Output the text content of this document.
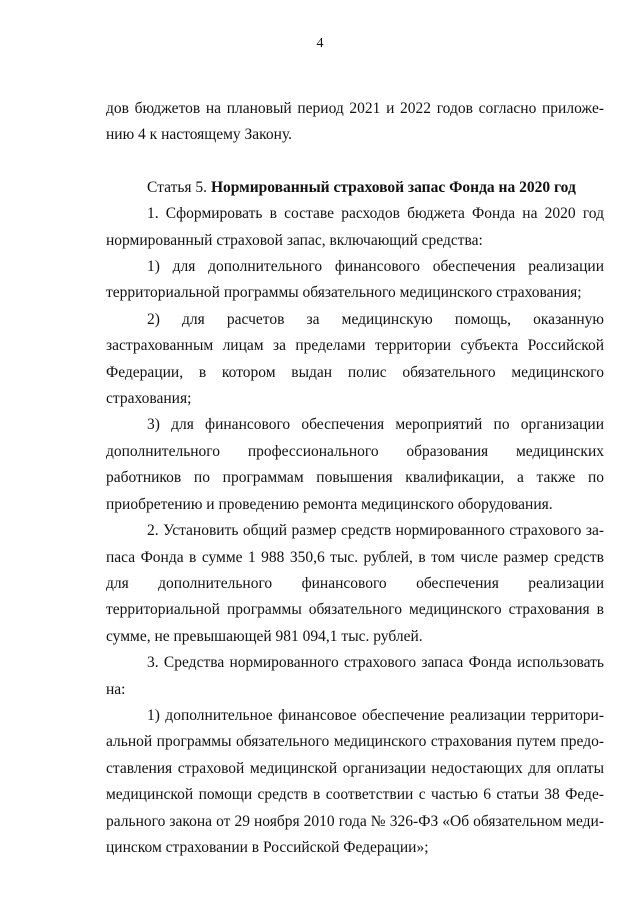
4

дов бюджетов на плановый период 2021 и 2022 годов согласно приложению 4 к настоящему Закону.

Статья 5. Нормированный страховой запас Фонда на 2020 год

1. Сформировать в составе расходов бюджета Фонда на 2020 год нормированный страховой запас, включающий средства:

1) для дополнительного финансового обеспечения реализации территориальной программы обязательного медицинского страхования;

2) для расчетов за медицинскую помощь, оказанную застрахованным лицам за пределами территории субъекта Российской Федерации, в котором выдан полис обязательного медицинского страхования;

3) для финансового обеспечения мероприятий по организации дополнительного профессионального образования медицинских работников по программам повышения квалификации, а также по приобретению и проведению ремонта медицинского оборудования.

2. Установить общий размер средств нормированного страхового запаса Фонда в сумме 1 988 350,6 тыс. рублей, в том числе размер средств для дополнительного финансового обеспечения реализации территориальной программы обязательного медицинского страхования в сумме, не превышающей 981 094,1 тыс. рублей.

3. Средства нормированного страхового запаса Фонда использовать на:

1) дополнительное финансовое обеспечение реализации территориальной программы обязательного медицинского страхования путем предоставления страховой медицинской организации недостающих для оплаты медицинской помощи средств в соответствии с частью 6 статьи 38 Федерального закона от 29 ноября 2010 года № 326-ФЗ «Об обязательном медицинском страховании в Российской Федерации»;
